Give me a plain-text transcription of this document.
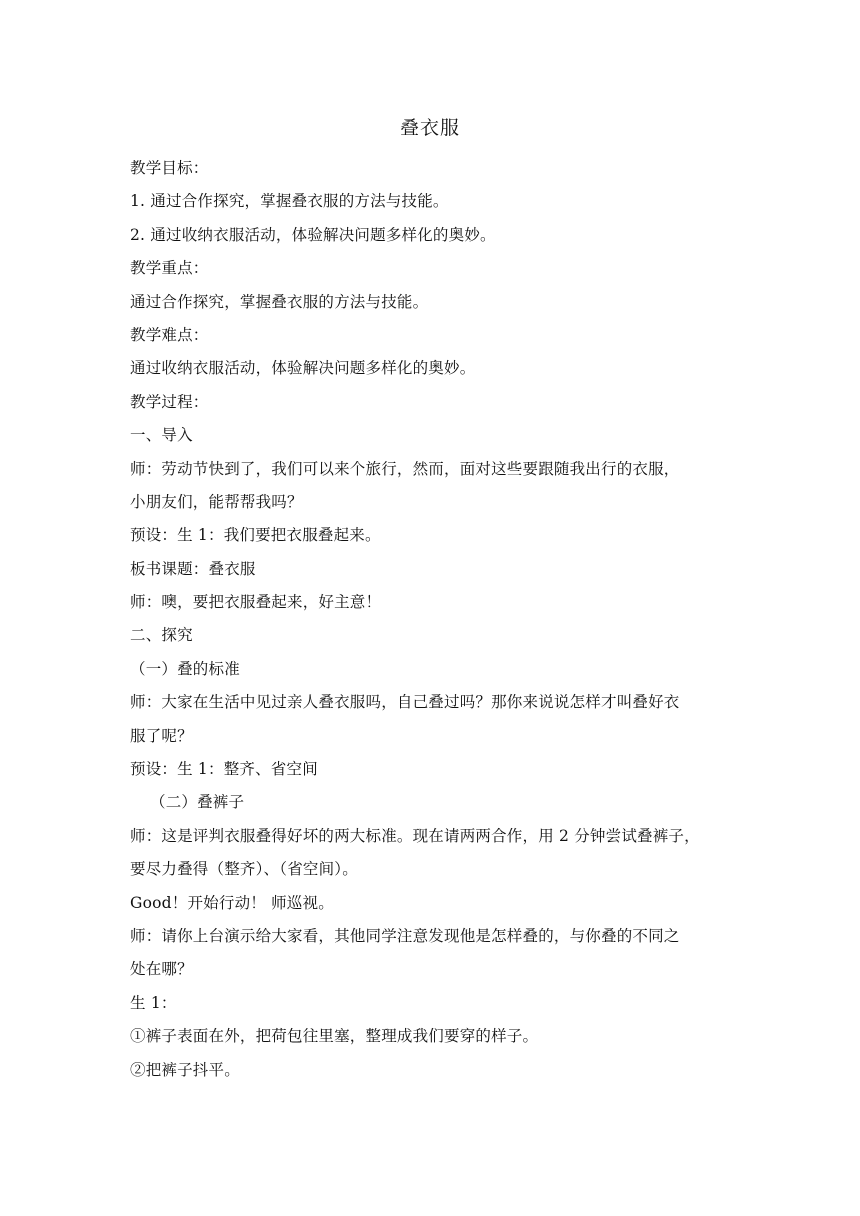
叠衣服
教学目标：
1. 通过合作探究，掌握叠衣服的方法与技能。
2. 通过收纳衣服活动，体验解决问题多样化的奥妙。
教学重点：
通过合作探究，掌握叠衣服的方法与技能。
教学难点：
通过收纳衣服活动，体验解决问题多样化的奥妙。
教学过程：
一、导入
师：劳动节快到了，我们可以来个旅行，然而，面对这些要跟随我出行的衣服，
小朋友们，能帮帮我吗？
预设：生 1：我们要把衣服叠起来。
板书课题：叠衣服
师：噢，要把衣服叠起来，好主意！
二、探究
（一）叠的标准
师：大家在生活中见过亲人叠衣服吗，自己叠过吗？那你来说说怎样才叫叠好衣
服了呢？
预设：生 1：整齐、省空间
（二）叠裤子
师：这是评判衣服叠得好坏的两大标准。现在请两两合作，用 2 分钟尝试叠裤子，
要尽力叠得（整齐）、（省空间）。
Good！开始行动！ 师巡视。
师：请你上台演示给大家看，其他同学注意发现他是怎样叠的，与你叠的不同之
处在哪？
生 1：
①裤子表面在外，把荷包往里塞，整理成我们要穿的样子。
②把裤子抖平。
